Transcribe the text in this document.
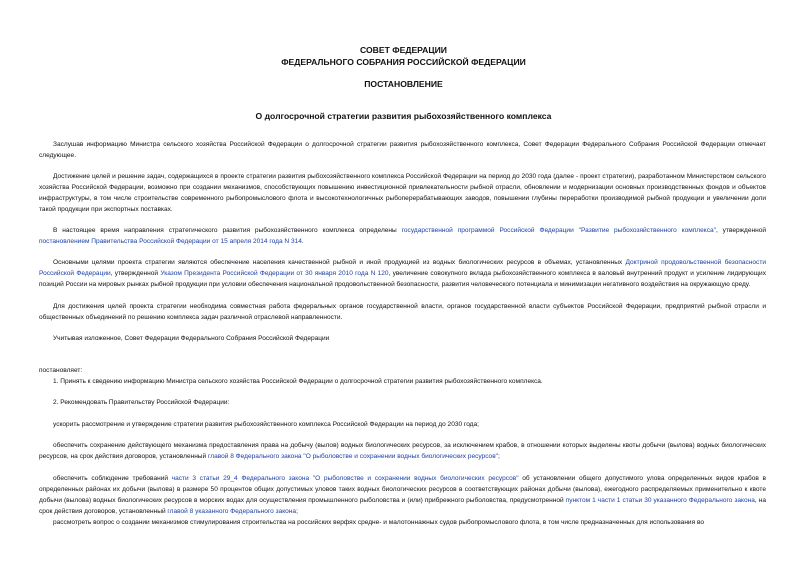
СОВЕТ ФЕДЕРАЦИИ
ФЕДЕРАЛЬНОГО СОБРАНИЯ РОССИЙСКОЙ ФЕДЕРАЦИИ
ПОСТАНОВЛЕНИЕ
О долгосрочной стратегии развития рыбохозяйственного комплекса
Заслушав информацию Министра сельского хозяйства Российской Федерации о долгосрочной стратегии развития рыбохозяйственного комплекса, Совет Федерации Федерального Собрания Российской Федерации отмечает следующее.
Достижение целей и решение задач, содержащихся в проекте стратегии развития рыбохозяйственного комплекса Российской Федерации на период до 2030 года (далее - проект стратегии), разработанном Министерством сельского хозяйства Российской Федерации, возможно при создании механизмов, способствующих повышению инвестиционной привлекательности рыбной отрасли, обновлении и модернизации основных производственных фондов и объектов инфраструктуры, в том числе строительстве современного рыбопромыслового флота и высокотехнологичных рыбоперерабатывающих заводов, повышении глубины переработки производимой рыбной продукции и увеличении доли такой продукции при экспортных поставках.
В настоящее время направления стратегического развития рыбохозяйственного комплекса определены государственной программой Российской Федерации "Развитие рыбохозяйственного комплекса", утвержденной постановлением Правительства Российской Федерации от 15 апреля 2014 года N 314.
Основными целями проекта стратегии являются обеспечение населения качественной рыбной и иной продукцией из водных биологических ресурсов в объемах, установленных Доктриной продовольственной безопасности Российской Федерации, утвержденной Указом Президента Российской Федерации от 30 января 2010 года N 120, увеличение совокупного вклада рыбохозяйственного комплекса в валовый внутренний продукт и усиление лидирующих позиций России на мировых рынках рыбной продукции при условии обеспечения национальной продовольственной безопасности, развития человеческого потенциала и минимизации негативного воздействия на окружающую среду.
Для достижения целей проекта стратегии необходима совместная работа федеральных органов государственной власти, органов государственной власти субъектов Российской Федерации, предприятий рыбной отрасли и общественных объединений по решению комплекса задач различной отраслевой направленности.
Учитывая изложенное, Совет Федерации Федерального Собрания Российской Федерации
постановляет:
1. Принять к сведению информацию Министра сельского хозяйства Российской Федерации о долгосрочной стратегии развития рыбохозяйственного комплекса.
2. Рекомендовать Правительству Российской Федерации:
ускорить рассмотрение и утверждение стратегии развития рыбохозяйственного комплекса Российской Федерации на период до 2030 года;
обеспечить сохранение действующего механизма предоставления права на добычу (вылов) водных биологических ресурсов, за исключением крабов, в отношении которых выделены квоты добычи (вылова) водных биологических ресурсов, на срок действия договоров, установленный главой 8 Федерального закона "О рыболовстве и сохранении водных биологических ресурсов";
обеспечить соблюдение требований части 3 статьи 29_4 Федерального закона "О рыболовстве и сохранении водных биологических ресурсов" об установлении общего допустимого улова определенных видов крабов в определенных районах их добычи (вылова) в размере 50 процентов общих допустимых уловов таких водных биологических ресурсов в соответствующих районах добычи (вылова), ежегодного распределяемых применительно к квоте добычи (вылова) водных биологических ресурсов в морских водах для осуществления промышленного рыболовства и (или) прибрежного рыболовства, предусмотренной пунктом 1 части 1 статьи 30 указанного Федерального закона, на срок действия договоров, установленный главой 8 указанного Федерального закона;
рассмотреть вопрос о создании механизмов стимулирования строительства на российских верфях средне- и малотоннажных судов рыбопромыслового флота, в том числе предназначенных для использования во
